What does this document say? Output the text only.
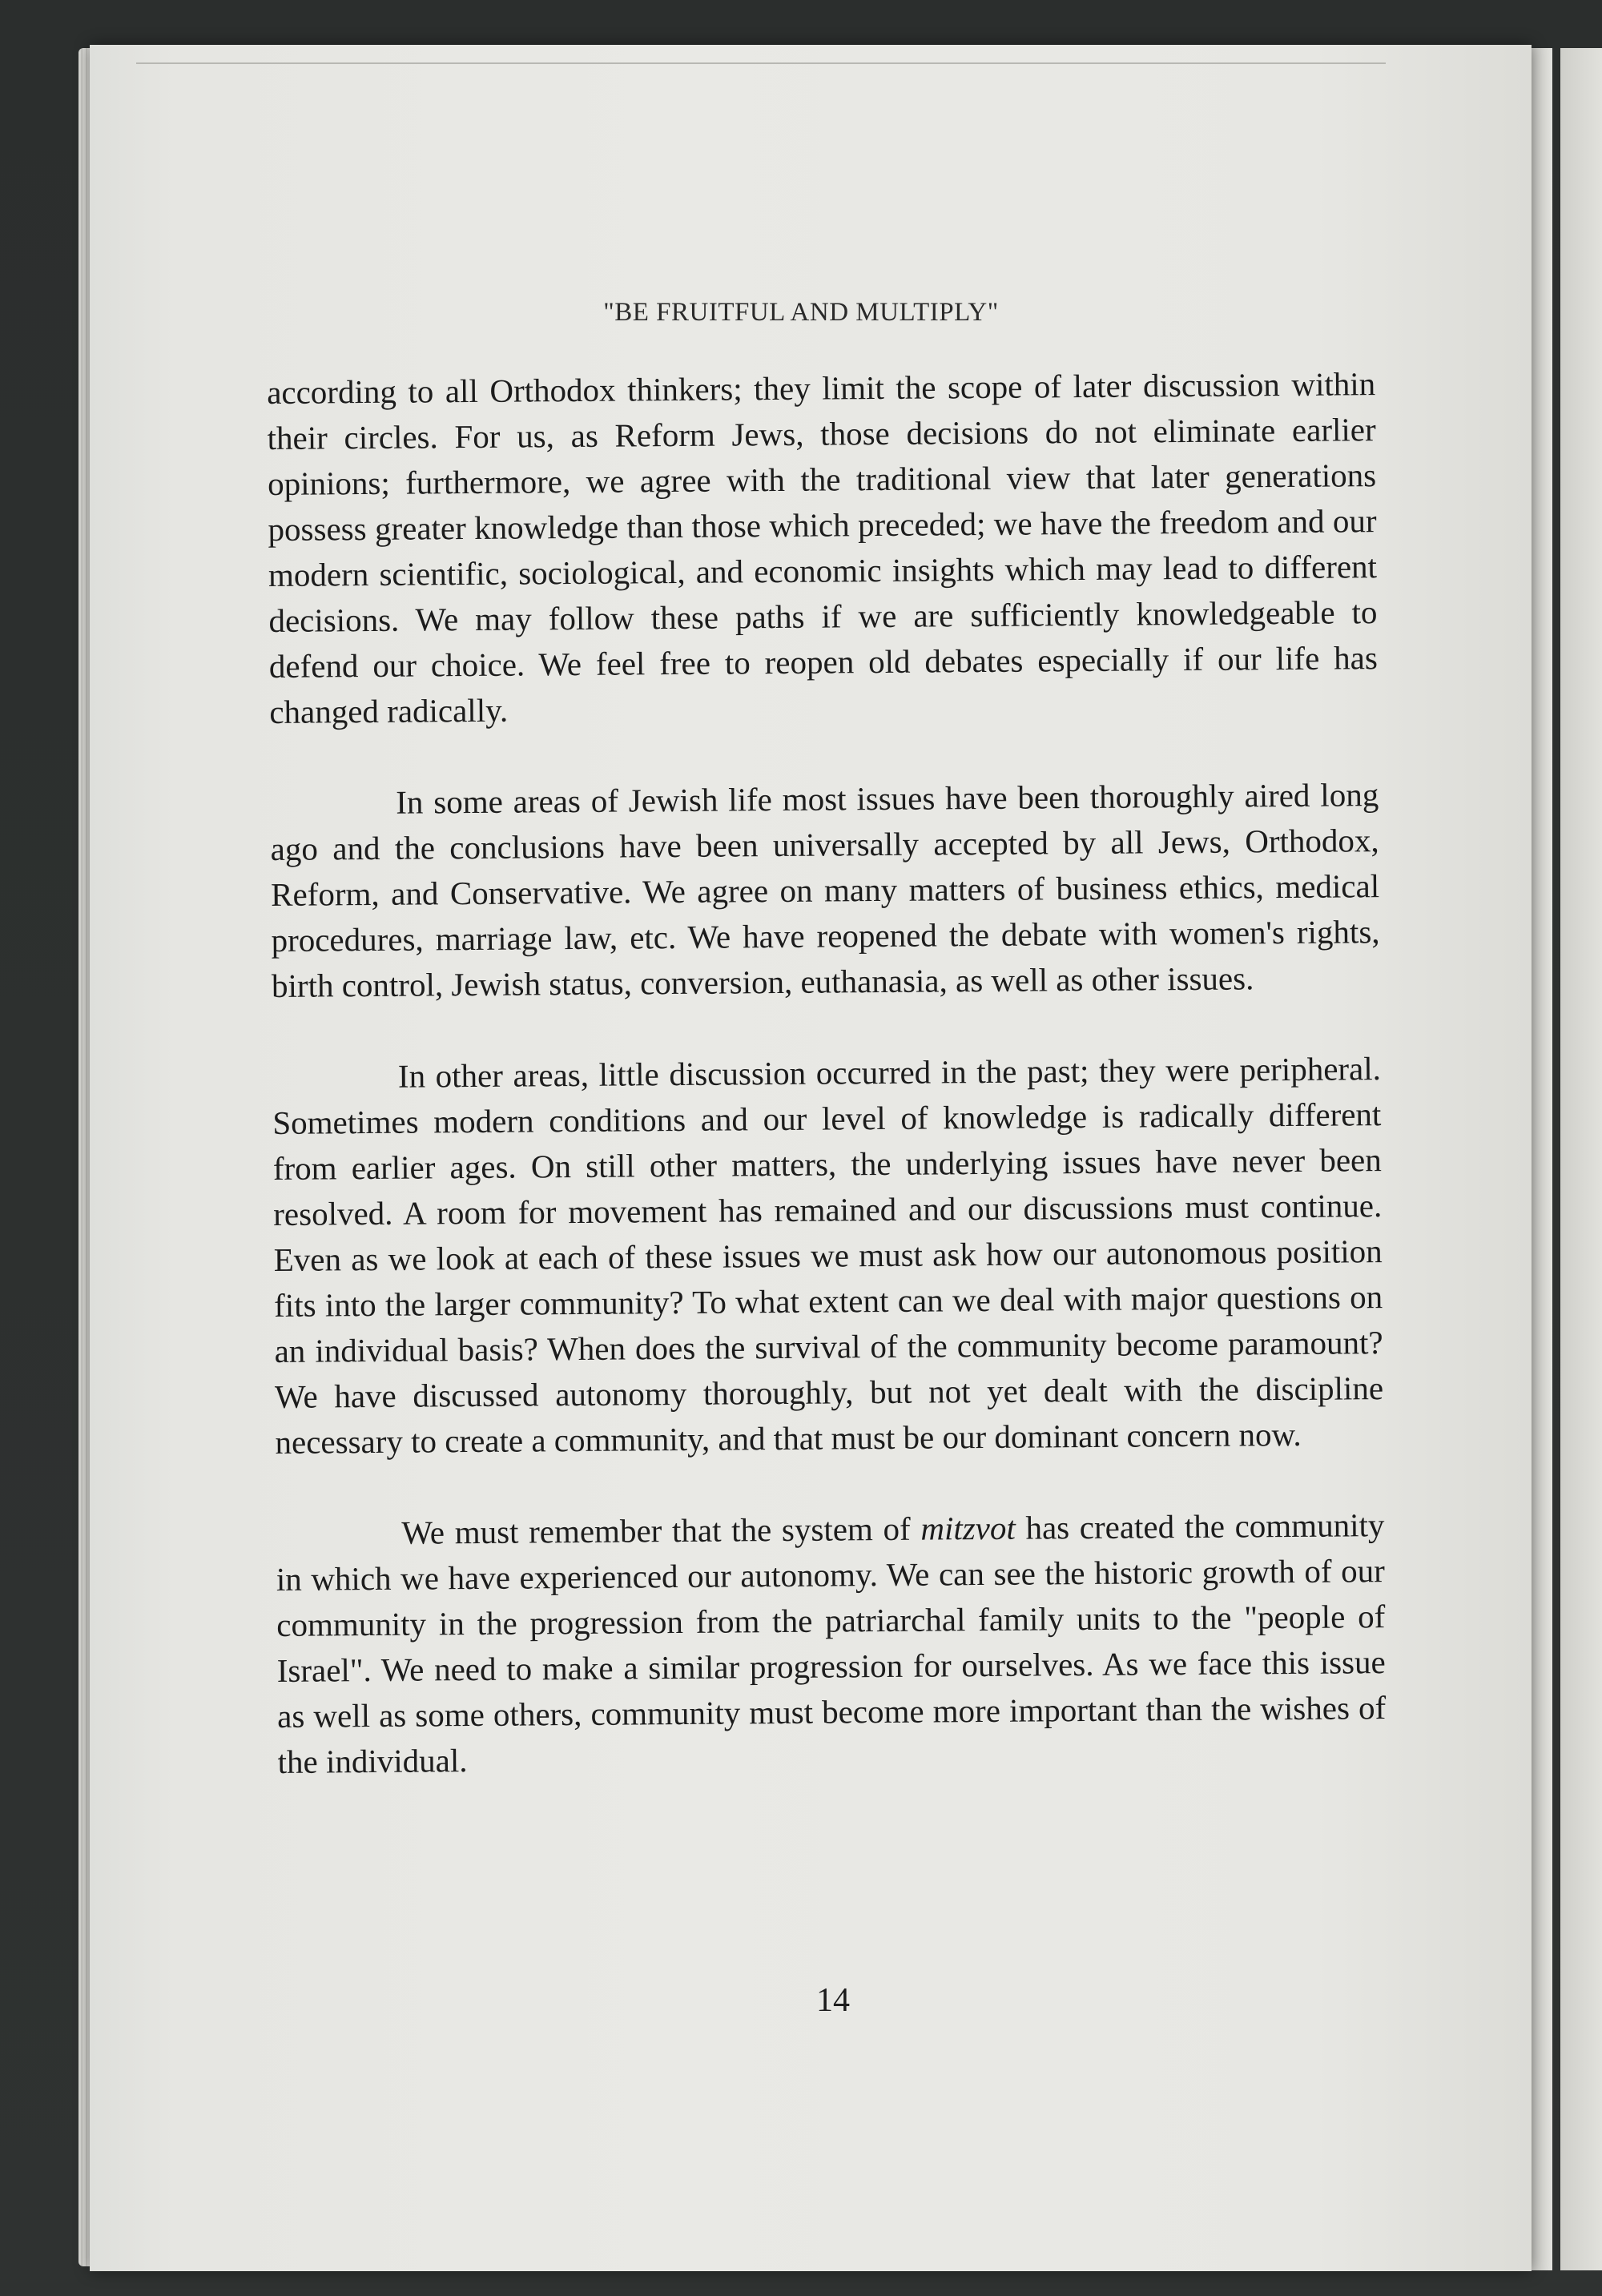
"BE FRUITFUL AND MULTIPLY"

according to all Orthodox thinkers; they limit the scope of later discussion within their circles. For us, as Reform Jews, those decisions do not eliminate earlier opinions; furthermore, we agree with the traditional view that later generations possess greater knowledge than those which preceded; we have the freedom and our modern scientific, sociological, and economic insights which may lead to different decisions. We may follow these paths if we are sufficiently knowledgeable to defend our choice. We feel free to reopen old debates especially if our life has changed radically.

In some areas of Jewish life most issues have been thoroughly aired long ago and the conclusions have been universally accepted by all Jews, Orthodox, Reform, and Conservative. We agree on many matters of business ethics, medical procedures, marriage law, etc. We have reopened the debate with women's rights, birth control, Jewish status, conversion, euthanasia, as well as other issues.

In other areas, little discussion occurred in the past; they were peripheral. Sometimes modern conditions and our level of knowledge is radically different from earlier ages. On still other matters, the underlying issues have never been resolved. A room for movement has remained and our discussions must continue. Even as we look at each of these issues we must ask how our autonomous position fits into the larger community? To what extent can we deal with major questions on an individual basis? When does the survival of the community become paramount? We have discussed autonomy thoroughly, but not yet dealt with the discipline necessary to create a community, and that must be our dominant concern now.

We must remember that the system of mitzvot has created the community in which we have experienced our autonomy. We can see the historic growth of our community in the progression from the patriarchal family units to the "people of Israel". We need to make a similar progression for ourselves. As we face this issue as well as some others, community must become more important than the wishes of the individual.

14
